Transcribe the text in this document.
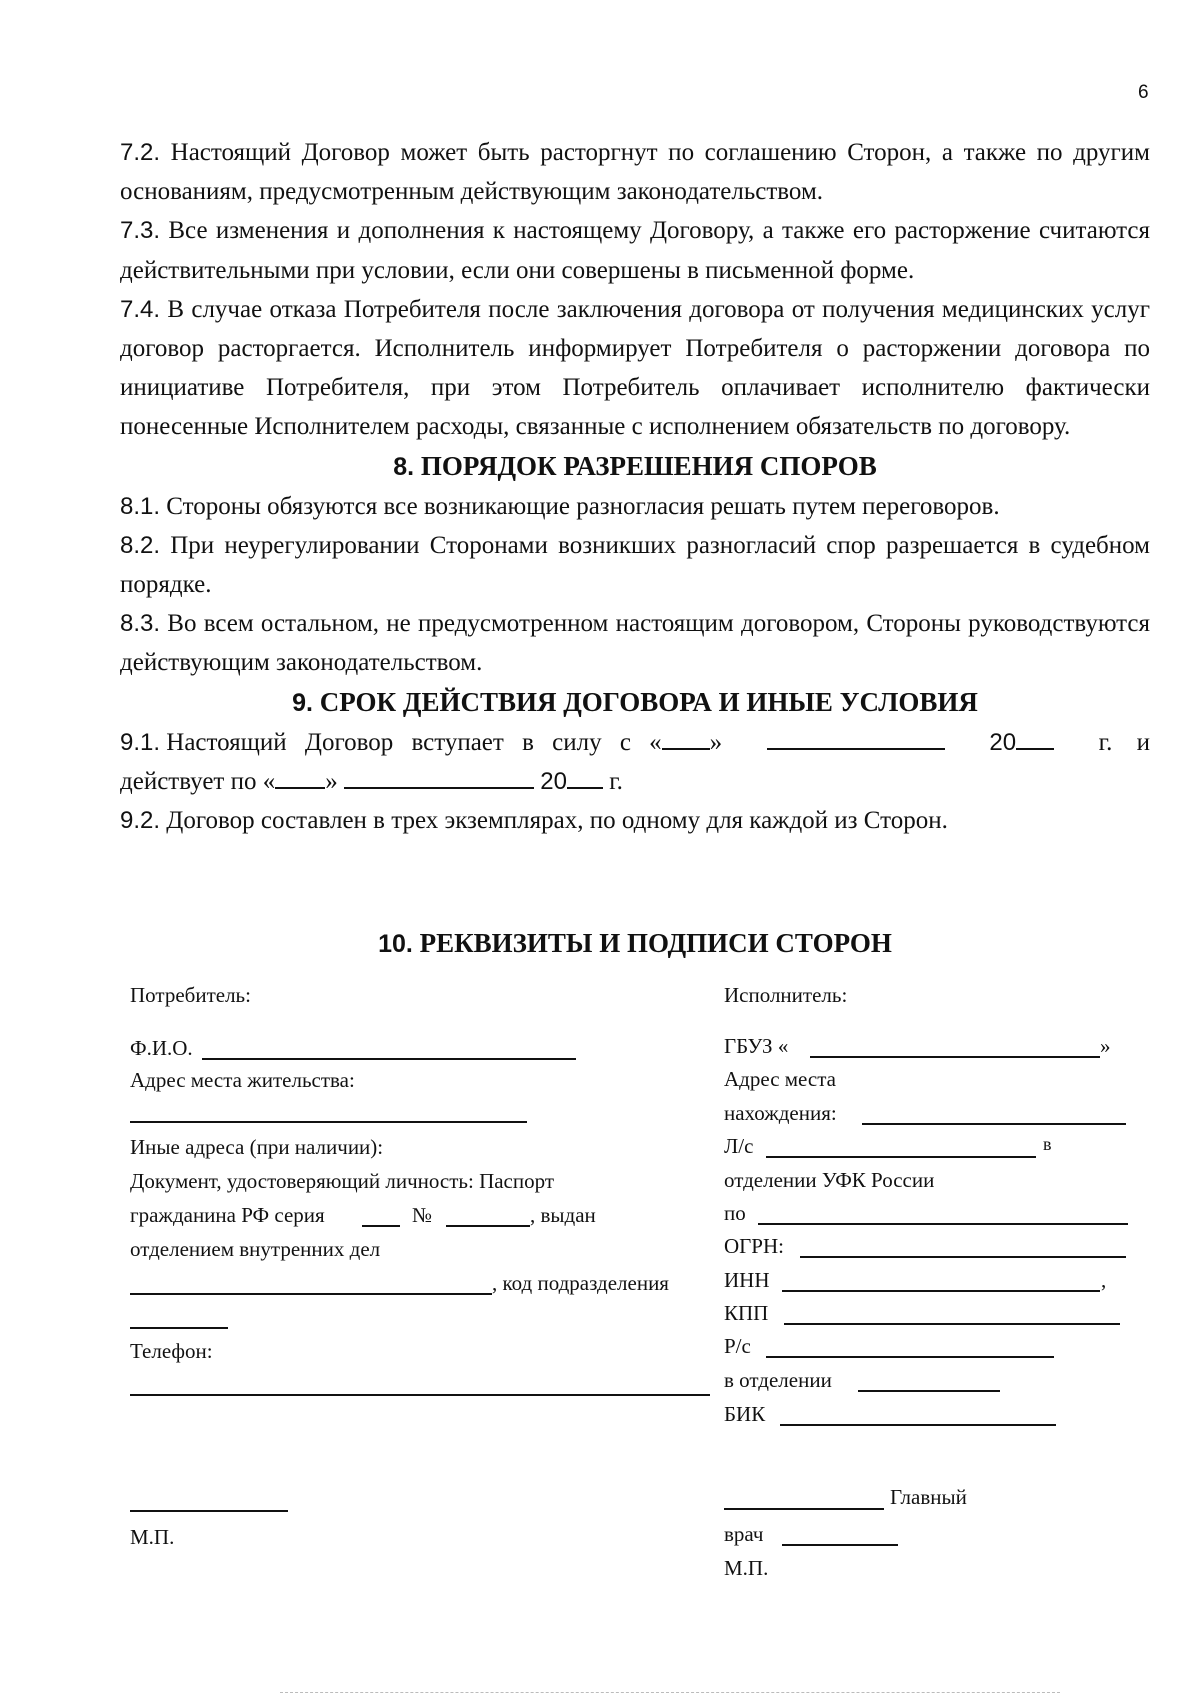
6
7.2. Настоящий Договор может быть расторгнут по соглашению Сторон, а также по другим основаниям, предусмотренным действующим законодательством.
7.3. Все изменения и дополнения к настоящему Договору, а также его расторжение считаются действительными при условии, если они совершены в письменной форме.
7.4. В случае отказа Потребителя после заключения договора от получения медицинских услуг договор расторгается. Исполнитель информирует Потребителя о расторжении договора по инициативе Потребителя, при этом Потребитель оплачивает исполнителю фактически понесенные Исполнителем расходы, связанные с исполнением обязательств по договору.
8. ПОРЯДОК РАЗРЕШЕНИЯ СПОРОВ
8.1. Стороны обязуются все возникающие разногласия решать путем переговоров.
8.2. При неурегулировании Сторонами возникших разногласий спор разрешается в судебном порядке.
8.3. Во всем остальном, не предусмотренном настоящим договором, Стороны руководствуются действующим законодательством.
9. СРОК ДЕЙСТВИЯ ДОГОВОРА И ИНЫЕ УСЛОВИЯ
9.1. Настоящий Договор вступает в силу с « »	20	г. и
действует по « »	20 г.
9.2. Договор составлен в трех экземплярах, по одному для каждой из Сторон.
10. РЕКВИЗИТЫ И ПОДПИСИ СТОРОН
Потребитель:
Ф.И.О.
Адрес места жительства:
Иные адреса (при наличии):
Документ, удостоверяющий личность: Паспорт
гражданина РФ серия	№	, выдан
отделением внутренних дел
, код подразделения
Телефон:
М.П.
Исполнитель:
ГБУЗ «	»
Адрес места
нахождения:
Л/с	в
отделении УФК России
по
ОГРН:
ИНН	,
КПП
Р/с
в отделении
БИК
Главный
врач
М.П.
